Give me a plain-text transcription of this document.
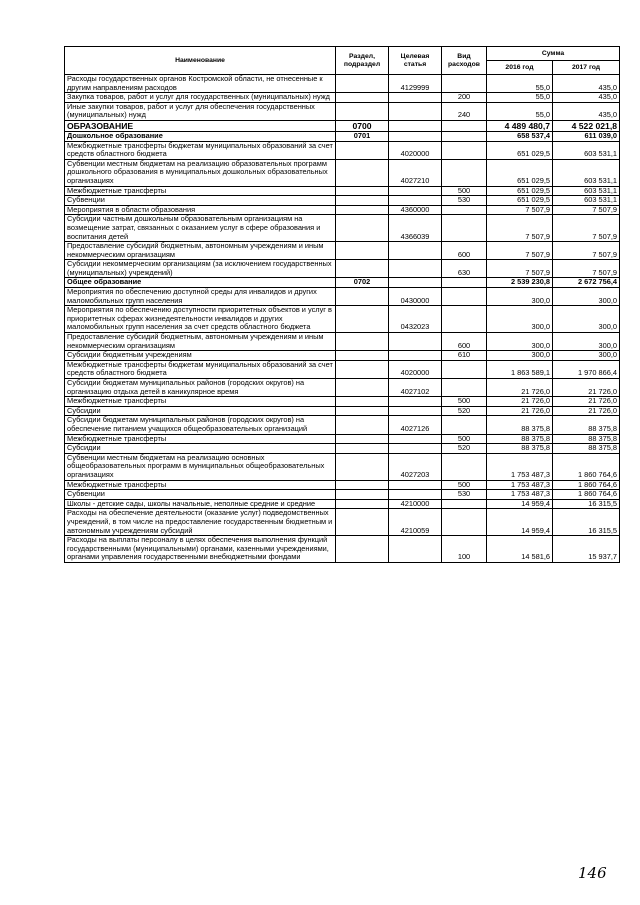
Наименование	Раздел, подраздел	Целевая статья	Вид расходов	Сумма	
				2016 год	2017 год
Расходы государственных органов Костромской области, не отнесенные к другим направлениям расходов		4129999		55,0	435,0
Закупка товаров, работ и услуг для государственных (муниципальных) нужд			200	55,0	435,0
Иные закупки товаров, работ и услуг для обеспечения государственных (муниципальных) нужд			240	55,0	435,0
ОБРАЗОВАНИЕ	0700			4 489 480,7	4 522 021,8
Дошкольное образование	0701			658 537,4	611 039,0
Межбюджетные трансферты бюджетам муниципальных образований за счет средств областного бюджета		4020000		651 029,5	603 531,1
Субвенции местным бюджетам на реализацию образовательных программ дошкольного образования в муниципальных дошкольных образовательных организациях		4027210		651 029,5	603 531,1
Межбюджетные трансферты			500	651 029,5	603 531,1
Субвенции			530	651 029,5	603 531,1
Мероприятия в области образования		4360000		7 507,9	7 507,9
Субсидии частным дошкольным образовательным организациям на возмещение затрат, связанных с оказанием услуг в сфере образования и воспитания детей		4366039		7 507,9	7 507,9
Предоставление субсидий бюджетным, автономным учреждениям и иным некоммерческим организациям			600	7 507,9	7 507,9
Субсидии некоммерческим организациям (за исключением государственных (муниципальных) учреждений)			630	7 507,9	7 507,9
Общее образование	0702			2 539 230,8	2 672 756,4
Мероприятия по обеспечению доступной среды для инвалидов и других маломобильных групп населения		0430000		300,0	300,0
Мероприятия по обеспечению доступности приоритетных объектов и услуг в приоритетных сферах жизнедеятельности инвалидов и других маломобильных групп населения за счет средств областного бюджета		0432023		300,0	300,0
Предоставление субсидий бюджетным, автономным учреждениям и иным некоммерческим организациям			600	300,0	300,0
Субсидии бюджетным учреждениям			610	300,0	300,0
Межбюджетные трансферты бюджетам муниципальных образований за счет средств областного бюджета		4020000		1 863 589,1	1 970 866,4
Субсидии бюджетам муниципальных районов (городских округов) на организацию отдыха детей в каникулярное время		4027102		21 726,0	21 726,0
Межбюджетные трансферты			500	21 726,0	21 726,0
Субсидии			520	21 726,0	21 726,0
Субсидии бюджетам муниципальных районов (городских округов) на обеспечение питанием учащихся общеобразовательных организаций		4027126		88 375,8	88 375,8
Межбюджетные трансферты			500	88 375,8	88 375,8
Субсидии			520	88 375,8	88 375,8
Субвенции местным бюджетам на реализацию основных общеобразовательных программ в муниципальных общеобразовательных организациях		4027203		1 753 487,3	1 860 764,6
Межбюджетные трансферты			500	1 753 487,3	1 860 764,6
Субвенции			530	1 753 487,3	1 860 764,6
Школы - детские сады, школы начальные, неполные средние и средние		4210000		14 959,4	16 315,5
Расходы на обеспечение деятельности (оказание услуг) подведомственных учреждений, в том числе на предоставление государственным бюджетным и автономным учреждениям субсидий		4210059		14 959,4	16 315,5
Расходы на выплаты персоналу в целях обеспечения выполнения функций государственными (муниципальными) органами, казенными учреждениями, органами управления государственными внебюджетными фондами			100	14 581,6	15 937,7
146
